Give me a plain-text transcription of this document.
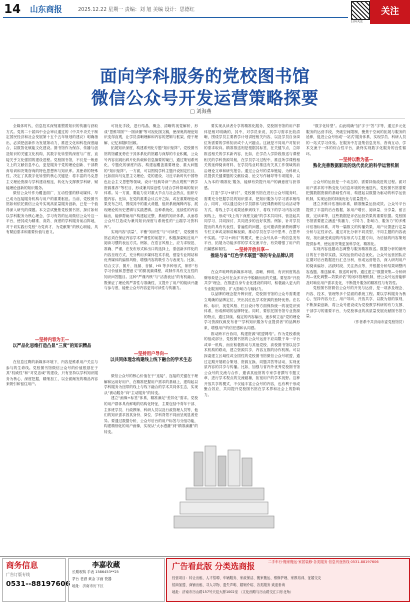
14 山东商报	2025.12.22 星期一 责编：刘 旭 美编 设计：思德红
扫码关注
关注
面向学科服务的党校图书馆
微信公众号开发运营策略探要
□ 刘海燕

全媒体时代，信息技术深刻重塑着知识的传播与获取方式。党的二十届四中全会审议通过的《中共中央关于制定国民经济和社会发展第十五个五年规划的建议》明确指出，必须把创新作为发展第动力，推进文化和科技深度融合，以数智化赋能文化建设。图书馆作为保存、传播与创造知识的关键文化机构，其数字化转型的深度与广度，直接关乎文化强国的建设进程。党校图书馆，不仅是一般意义上的文献信息中心，更是服务于党的理论创新、干部教育培训和决策咨询的特色思想库与知识库。其使命的特殊性，决定了其数字化转型的核心关键是：将丰富的马克思主义理论资源与学科建设相连，转化为支撑教学科研、赋能理论创新的知识服务。

微信公众号作为覆盖面广、互动性强的移动媒体，早已成为连接服务机构与用户的重要枢纽。当前，党校图书馆如何依托微信公众号实现高质量服务创新，已是一个值得深入研究的课题。本文尝试聚焦党校图书馆，探讨如何以学科服务为核心理念，学习有效的运用微信公众号这一平台，使其成为精准、高效、深度的学科服务前沿阵地，对于切实践行党校“为党育才、为党献策”的核心职能，具有紧迫需求和重要价值与意义。

—坚持内容为王—
以严品化思维打造凸显“三度”的知识精品

在信息过剩的新媒体环境下，内容是维系用户关注与参与的生命线。党校图书馆微信公众号的价值根基在于其“权威性”和“对党忠诚”的建设，只有坚持以学科知识服务为核心，深度挖掘，精细加工，以全面阐发的精品内容来吸引和留住用户。

可视化手段，进行结晶、概念、清晰的视觉解析，形成“思维导图”“一图读懂”等可视化图文稿，使深奥的理论知识变得直观，让学员清晰理解和内容的逻辑与框架，便于理解、记忆和随时回顾。

拓展知识深度，构建系列化专题“知识矩阵”。党校图书馆的馆藏优势在于其体系化的馆藏与深厚的专业积累，公众号内容应跳出碎片化转载和信息摘要的窠臼，通过策划系列化、专题化的深度内容，构建起覆盖重要理论、重大问题的“知识矩阵”。一方面，可以围绕学科主题开设固定栏目，比如面向马克思主义理论、党的建设、习近平新时代中国特色社会主义思想等领域，设计“经典导读”“热点观察”“教学资源推荐”等栏目，形成兼具原创性与适合学科领域的知识体系。另一方面，要能力应对重大节点与社会热点，组织专题内容。比如，在党的重要会议召开之际，或在重要理论成果发布之时，围绕其中的重大命题，组织系统阐释内容，展现理论的历史逻辑与实践逻辑。这种系统化、连续性的内容输出，能够帮助用户构建起完整、系统的知识体系，从而将公众号打造成为兼具知识深度与系统性的“云端学习资料库”。

实现内容“质量”，平衡“知识性”与“可读性”，党校图书馆必须在保证内容学术严谨性的前提下，积极探索贴近用户阅读习惯的表达方式。例如，在语言风格上，应力求规范、准确、严谨，在发布形式和出口的选择上，需创新多样化的内容呈现方式，充分利用多媒体技术手段，借鉴专业网站和优秀媒体的编排风格，增强内容的吸引力与表现力。比如，结合文字、图片、视频、音频、H5 等多种形式，制作“有学习价值和思想意义”的微视频课程，或制作具有交互性的知识问答题目。这种“严谨内核”与“活泼表达”的有机融合，既保证了理论的严肃性与准确性，又提升了用户的阅读兴趣与参与度，能使公众号内容更具可读性与传播力。

—坚持用户导向—
以共同体理念构建线上线下融合的学术生态

微信公众号的核心价值在于“连接”，连接的关键在于理解和运用好用户，在精准把握用户需求的基础上，建构起以学科服务为纽带的线上与线下融合的学术共同体生态，实现从“被动服务”向“主动服务”的转变。

建立“画像+标签”体系，精准满足“差异化”需求。党校的用户群体具有鲜明的结构化特征，主要包括中青年干部、主体班学员、行政教师、科研人员以及行政管理人员等，他们的知识需求因其身份、岗位、学科背景不同而呈现显著差异。要通过数据分析，公众号后台的用户标签与分组功能，构建精细化的用户画像，实现从“大水漫灌”到“精准滴灌”的转变。

要实现从读者分享的精准化服务，党校图书馆的用户群体是相对明确的，其中，对学员来说，其学习需求比较清晰，围绕学员主要教学计划讲授相关内容，以及学员自身岗位所需要的学科知识或个人兴趣点。这就是不同用户对知识的需求取向。精准推送则是根据其标签、在关键节点，立即推送相关的学术新内容，比如，在学员入学阶段推送与课程相关的学科资源导航，在学员学习过程中，推送所学课程相关的延伸阅读材料，在学员结业时推送有关其工作领域的前沿理论文章和研究报告。通过公众号的菜单链接，为科研人员提供关键课题的文献检索、论文写作辅导等专项服务，以人为本的‘精准化’服务，能够有效提升用户的满意度与获得感。

打造“学习+研讨”，党校图书馆在进行公众号服务时，需要充分挖掘学员的知识需求，把知识服务与学习需求相结合，同时，可以通过设计学员群体与授课教师的互动活动等方式，将线上学习成果延伸到线下，将线下的学习内容反馈到线上，形成“线上线下深度交融”的学术共同体，营造起共同学习、共同探讨、共同进步的良好氛围。例如，针对学员提出的具有代表性、普遍性的问题，也可邀请资深教师撰写专栏文章或录制讲解视频，推动学员在学习中思考、在思考中实践。“学习+研讨”的模式，使公众号从单一的信息发布平台，拓展为功能多样的学术交流平台，有效增强了用户的归属感和黏性。	—坚持开放共享—
推进与省“红色学术联盟”等的专业品牌认同

在众声喧哗的新媒体环境，清晰、鲜明、有识别度的品牌形象是公众号在众多平台中脱颖而出的关键。要坚持“开放共享”理念，在推进自身专业化建设的同时，积极融入更大的专业服务网络，扩大影响力与辐射力。

以品牌的理念提升辨识度，党校图书馆的公众号需要建立明确的品牌定位，突出其红色学术资源的独特优势。在名称、标识、视觉风格、栏目设计等方面保持统一的视觉识别体系，形成鲜明的品牌特征。同时，要依托图书馆专业资源的特点，通过持续、稳定的内容输出，逐步树立起“党的理论学习资源权威发布者”“学科知识服务专业提供者”的品牌形象，增强用户的信任感和认同感。

推动跨平台协同，构建资源“联盟网络”。作为党校系统的组成部分，党校图书馆的公众号运营不应局限于单一平台或单一机构，而应积极推动与其他党校、高校图书馆以及学术机构的联动，建立资源共享、内容互推的协作机制。可以探索建立区域性或全国性的党校图书馆微信公众号联盟，通过定期开展联合策划、资源互换、同题共答等活动，实现优质内容的共享与传播。比如，加强与省内外优秀党校图书馆公众号的交流与合作，邀请其他馆的专家学者撰写专题文章，进行学术观点的交流碰撞，拓宽用户的学术视野。这种开放共享的模式，不仅能丰富公众号的内容，也有利于形成聚合效应，共同提升党校图书馆在学术界和社会上的影响力。

“数字化转型”。由此明确“加”字于“答”字等，通过多元化服务的运营手段，突破空间限制，聚焦于空间的拓展与服务的延伸，促进公众号形成‘一站式’服务体系，实现学员、科研人员的一站式学习体验。在服务中打造集信息发布、咨询互动、学术交流于一体的综合性平台，最终实现数字化服务的良性循环。

—坚持以数为基—
熟化完善数据驱动的迭代优化的科学运营机制

公众号的运营是一个动态的、需要持续改进的过程。面对用户需求的不断变化与信息环境的快速迭代，党校图书馆需要把握数据资源的基础性作用，构建起以数据为驱动的科学运营机制，实现运营的持续优化与质量提升。

建立多维评估指标体系，精准衡量运营成效。公众号平台提供了丰富的后台数据，如用户增长、阅读量、分享量、留言数、完读率等，这些数据是评估运营效果的重要依据。党校图书馆需要建立涵盖“传播力、引导力、影响力、服务力”的多维评估指标体系，对每一篇推文的传播效果、用户反馈进行定量分析与定性评估。通过对比分析不同类型、不同主题的内容表现，找出最受欢迎的内容形式与主题方向，为后续的内容策划提供参考，使运营决策更加科学化、精准化。

实现内容选题动态调整与服务精准推送。数据分析的最终目的在于指导实践，实现运营的动态优化。公众号运营团队应定期对后台数据进行汇总分析，形成运营报告，深入研判用户的阅读偏好、活跃时段、关注热点等，并根据分析结果调整内容选题、推送频率、推送时间等。通过建立“数据采集—分析研判—优化调整—效果评估”的闭环管理机制，使公众号运营能够及时响应用户需求变化，不断提升服务的精准性与有效性。

党校图书馆微信公众号的开发与运营，是一项涉及理念、内容、技术、管理等多个层面的系统工程。要以学科服务为核心，坚持内容为王、用户导向、开放共享、以数为基的原则，不断探索创新，将公众号建设成为党校教学科研的有力支撑、干部学习的重要平台，为党校事业的高质量发展贡献图书馆力量。

（作者系中共济南市委党校馆员）

商务信息
广告订版专线
0531--88197606
李嘉收藏
长期收购 手表 1586453**25
茅台 老酒 黄金 字画 瓷器
地址：济南市历下区
广告看此版 分类选商报	二手车行·搬家搬运·家居装修·各类服务 信息刊登热线 0531-88197606
经营项目：转让出租、人才招聘、车辆服务、家政保洁、搬家搬运、维修护理、家教培训、征婚交友
招商加盟、商铺出租、寻人寻物、遗失声明、婚姻介绍、各类服务 欢迎垂询
地址：济南市历山路157号天辰大厦1002室 （文化西路与历山路交汇口东北角）
